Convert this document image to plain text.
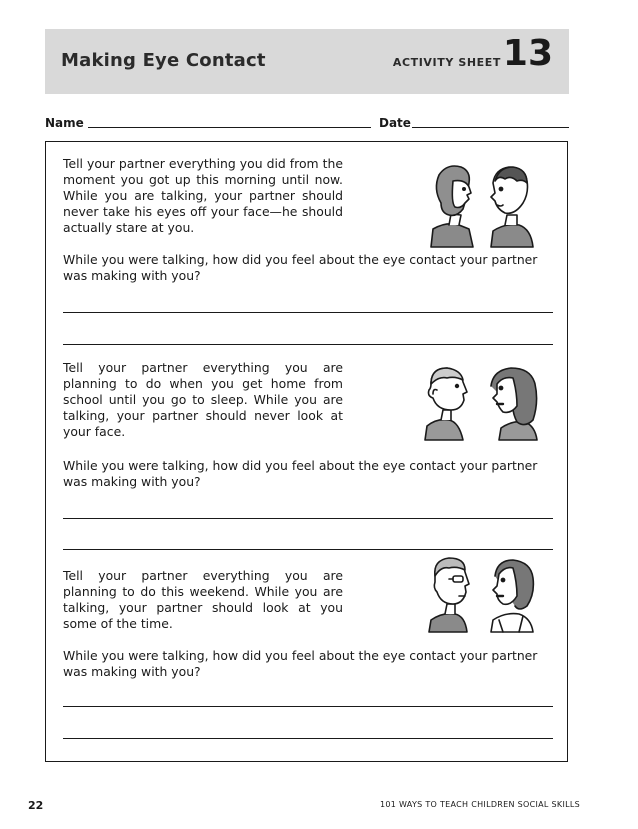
Making Eye Contact	ACTIVITY SHEET 13
Name	Date
Tell your partner everything you did from the moment you got up this morning until now. While you are talking, your partner should never take his eyes off your face—he should actually stare at you.
While you were talking, how did you feel about the eye contact your partner was making with you?
Tell your partner everything you are planning to do when you get home from school until you go to sleep. While you are talking, your partner should never look at your face.
While you were talking, how did you feel about the eye contact your partner was making with you?
Tell your partner everything you are planning to do this weekend. While you are talking, your partner should look at you some of the time.
While you were talking, how did you feel about the eye contact your partner was making with you?
22	101 WAYS TO TEACH CHILDREN SOCIAL SKILLS
